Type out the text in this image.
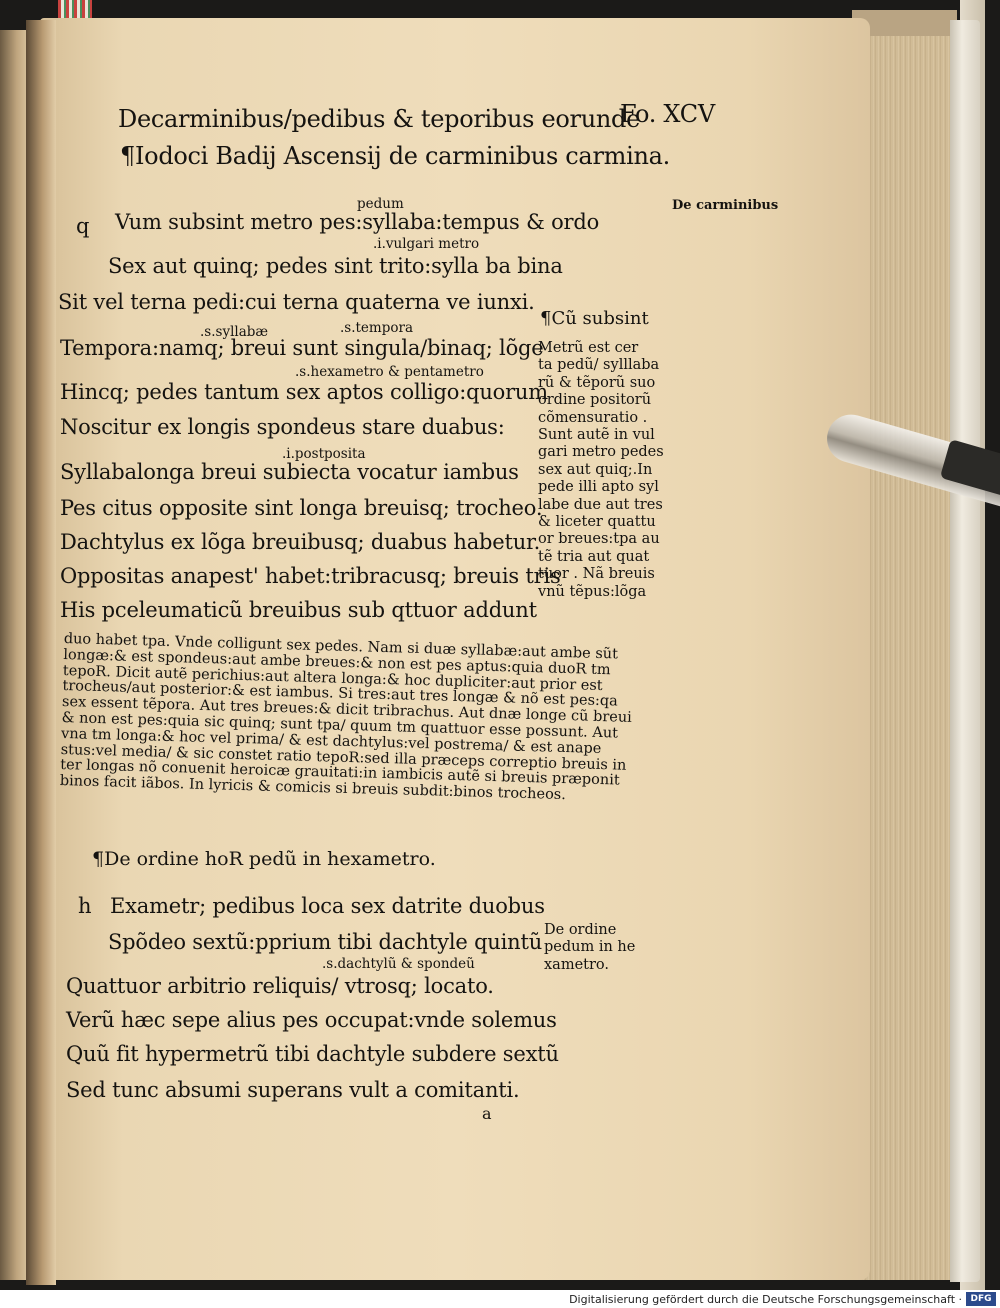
Decarminibus/pedibus & teporibus eorunde
Fo. XCV
¶Iodoci Badij Ascensij de carminibus carmina.
pedum
q Vum subsint metro pes:syllaba:tempus & ordo
.i.vulgari metro
Sex aut quinq; pedes sint trito:sylla ba bina
Sit vel terna pedi:cui terna quaterna ve iunxi.
.s.syllabæ	.s.tempora
Tempora:namq; breui sunt singula/binaq; lõge
.s.hexametro & pentametro
Hincq; pedes tantum sex aptos colligo:quorum
Noscitur ex longis spondeus stare duabus:
.i.postposita
Syllabalonga breui subiecta vocatur iambus
Pes citus opposite sint longa breuisq; trocheo.
Dachtylus ex lõga breuibusq; duabus habetur.
Oppositas anapest' habet:tribracusq; breuis tris
His pceleumaticũ breuibus sub qttuor addunt
De carminibus
¶Cũ subsint
Metrũ est cer
ta pedũ/ sylllaba
rũ & tẽporũ suo
ordine positorũ
cõmensuratio .
Sunt autẽ in vul
gari metro pedes
sex aut quiq;.In
pede illi apto syl
labe due aut tres
& liceter quattu
or breues:tpa au
tẽ tria aut quat
tuor . Nã breuis
vnũ tẽpus:lõga
duo habet tpa. Vnde colligunt sex pedes. Nam si duæ syllabæ:aut ambe sũt
longæ:& est spondeus:aut ambe breues:& non est pes aptus:quia duoR tm
tepoR. Dicit autẽ perichius:aut altera longa:& hoc dupliciter:aut prior est
trocheus/aut posterior:& est iambus. Si tres:aut tres longæ & nõ est pes:qa
sex essent tẽpora. Aut tres breues:& dicit tribrachus. Aut dnæ longe cũ breui
& non est pes:quia sic quinq; sunt tpa/ quum tm quattuor esse possunt. Aut
vna tm longa:& hoc vel prima/ & est dachtylus:vel postrema/ & est anape
stus:vel media/ & sic constet ratio tepoR:sed illa præceps correptio breuis in
ter longas nõ conuenit heroicæ grauitati:in iambicis autẽ si breuis præponit
binos facit iãbos. In lyricis & comicis si breuis subdit:binos trocheos.
¶De ordine hoR pedũ in hexametro.
h Exametr; pedibus loca sex datrite duobus
Spõdeo sextũ:pprium tibi dachtyle quintũ
.s.dachtylũ & spondeũ
Quattuor arbitrio reliquis/ vtrosq; locato.
Verũ hæc sepe alius pes occupat:vnde solemus
Quũ fit hypermetrũ tibi dachtyle subdere sextũ
Sed tunc absumi superans vult a comitanti.
a
De ordine
pedum in he
xametro.
Digitalisierung gefördert durch die Deutsche Forschungsgemeinschaft · DFG
